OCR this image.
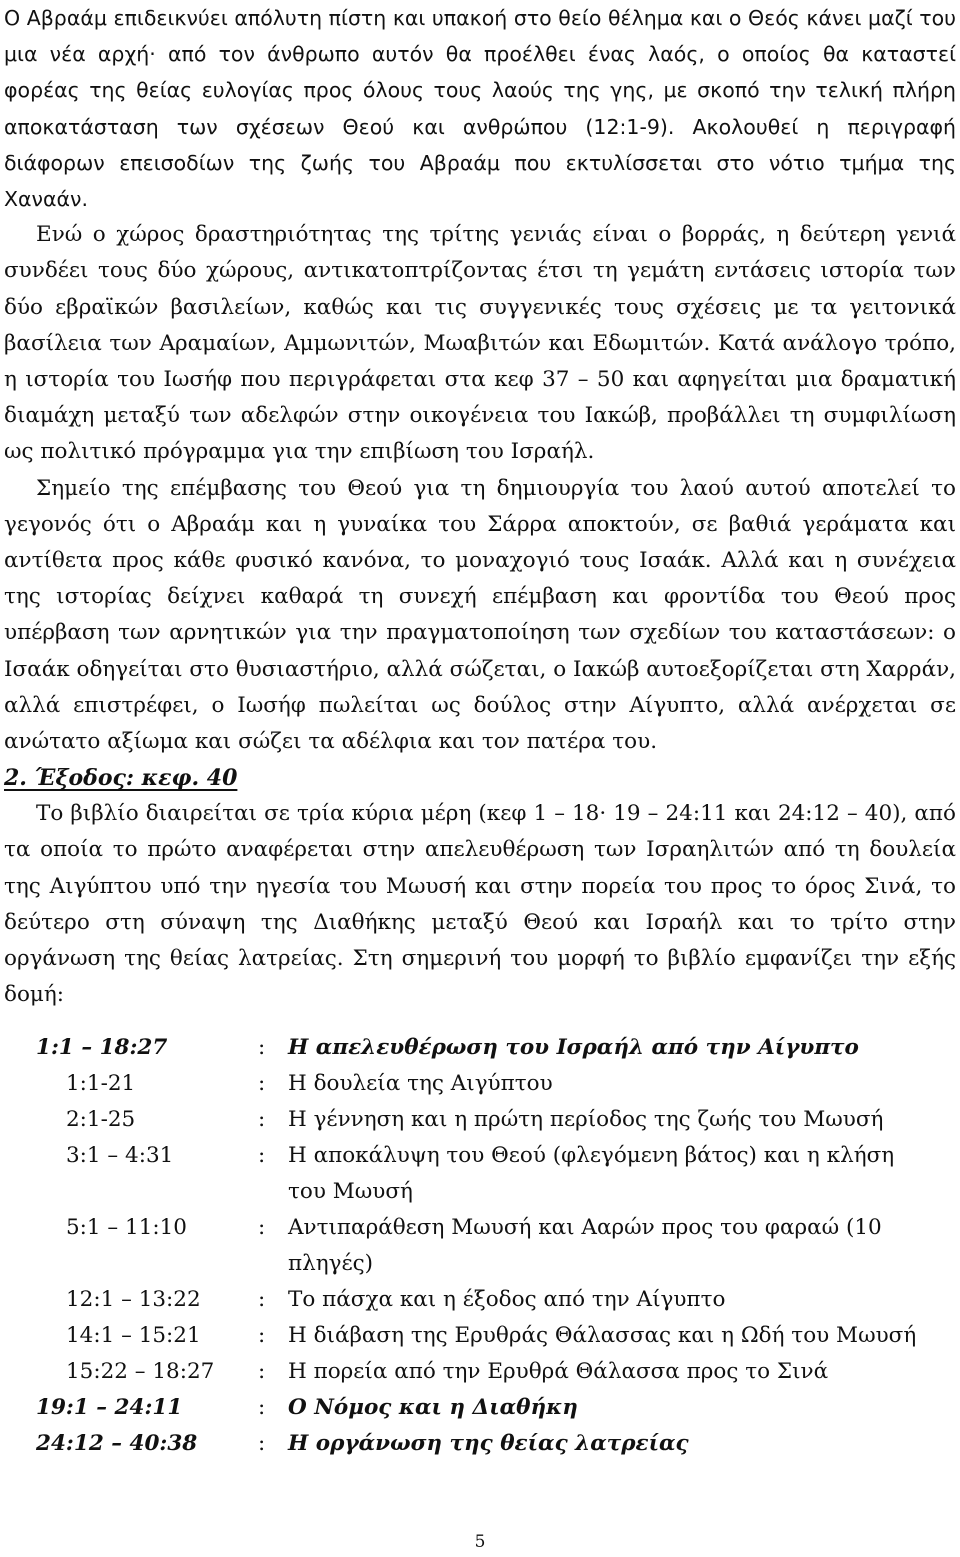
Ο Αβραάμ επιδεικνύει απόλυτη πίστη και υπακοή στο θείο θέλημα και ο Θεός κάνει μαζί του μια νέα αρχή· από τον άνθρωπο αυτόν θα προέλθει ένας λαός, ο οποίος θα καταστεί φορέας της θείας ευλογίας προς όλους τους λαούς της γης, με σκοπό την τελική πλήρη αποκατάσταση των σχέσεων Θεού και ανθρώπου (12:1-9). Ακολουθεί η περιγραφή διάφορων επεισοδίων της ζωής του Αβραάμ που εκτυλίσσεται στο νότιο τμήμα της Χαναάν.

Ενώ ο χώρος δραστηριότητας της τρίτης γενιάς είναι ο βορράς, η δεύτερη γενιά συνδέει τους δύο χώρους, αντικατοπτρίζοντας έτσι τη γεμάτη εντάσεις ιστορία των δύο εβραϊκών βασιλείων, καθώς και τις συγγενικές τους σχέσεις με τα γειτονικά βασίλεια των Αραμαίων, Αμμωνιτών, Μωαβιτών και Εδωμιτών. Κατά ανάλογο τρόπο, η ιστορία του Ιωσήφ που περιγράφεται στα κεφ 37 – 50 και αφηγείται μια δραματική διαμάχη μεταξύ των αδελφών στην οικογένεια του Ιακώβ, προβάλλει τη συμφιλίωση ως πολιτικό πρόγραμμα για την επιβίωση του Ισραήλ.

Σημείο της επέμβασης του Θεού για τη δημιουργία του λαού αυτού αποτελεί το γεγονός ότι ο Αβραάμ και η γυναίκα του Σάρρα αποκτούν, σε βαθιά γεράματα και αντίθετα προς κάθε φυσικό κανόνα, το μοναχογιό τους Ισαάκ. Αλλά και η συνέχεια της ιστορίας δείχνει καθαρά τη συνεχή επέμβαση και φροντίδα του Θεού προς υπέρβαση των αρνητικών για την πραγματοποίηση των σχεδίων του καταστάσεων: ο Ισαάκ οδηγείται στο θυσιαστήριο, αλλά σώζεται, ο Ιακώβ αυτοεξορίζεται στη Χαρράν, αλλά επιστρέφει, ο Ιωσήφ πωλείται ως δούλος στην Αίγυπτο, αλλά ανέρχεται σε ανώτατο αξίωμα και σώζει τα αδέλφια και τον πατέρα του.

2. Έξοδος: κεφ. 40

Το βιβλίο διαιρείται σε τρία κύρια μέρη (κεφ 1 – 18· 19 – 24:11 και 24:12 – 40), από τα οποία το πρώτο αναφέρεται στην απελευθέρωση των Ισραηλιτών από τη δουλεία της Αιγύπτου υπό την ηγεσία του Μωυσή και στην πορεία του προς το όρος Σινά, το δεύτερο στη σύναψη της Διαθήκης μεταξύ Θεού και Ισραήλ και το τρίτο στην οργάνωση της θείας λατρείας. Στη σημερινή του μορφή το βιβλίο εμφανίζει την εξής δομή:

1:1 – 18:27	: Η απελευθέρωση του Ισραήλ από την Αίγυπτο
1:1-21	: Η δουλεία της Αιγύπτου
2:1-25	: Η γέννηση και η πρώτη περίοδος της ζωής του Μωυσή
3:1 – 4:31	: Η αποκάλυψη του Θεού (φλεγόμενη βάτος) και η κλήση του Μωυσή
5:1 – 11:10	: Αντιπαράθεση Μωυσή και Ααρών προς του φαραώ (10 πληγές)
12:1 – 13:22	: Το πάσχα και η έξοδος από την Αίγυπτο
14:1 – 15:21	: Η διάβαση της Ερυθράς Θάλασσας και η Ωδή του Μωυσή
15:22 – 18:27 : Η πορεία από την Ερυθρά Θάλασσα προς το Σινά
19:1 – 24:11	: Ο Νόμος και η Διαθήκη
24:12 – 40:38	: Η οργάνωση της θείας λατρείας
5
